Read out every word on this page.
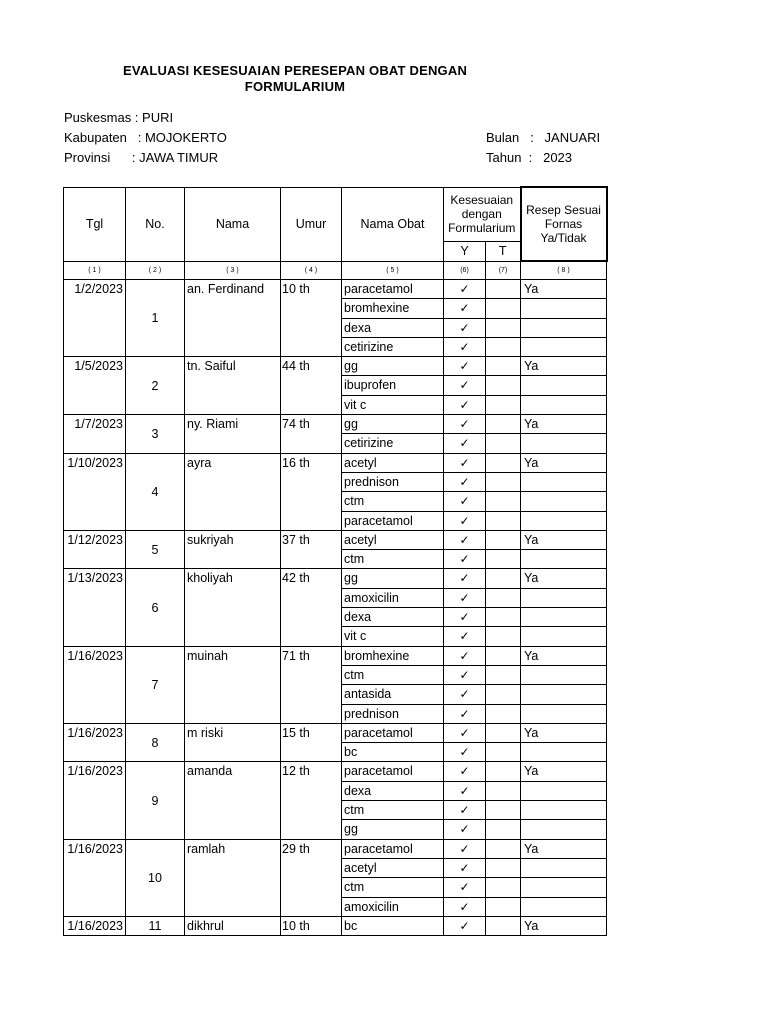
EVALUASI KESESUAIAN PERESEPAN OBAT DENGAN
FORMULARIUM
Puskesmas : PURI
Kabupaten   : MOJOKERTO
Provinsi      : JAWA TIMUR
Bulan   :   JANUARI
Tahun  :   2023
Tgl	No.	Nama	Umur	Nama Obat	Kesesuaian dengan Formularium		Resep Sesuai Fornas Ya/Tidak
					Y	T	
( 1 )	( 2 )	( 3 )	( 4 )	( 5 )	(6)	(7)	( 8 )
1/2/2023	1	an. Ferdinand	10 th	paracetamol	✓		Ya
				bromhexine	✓		
				dexa	✓		
				cetirizine	✓		
1/5/2023	2	tn. Saiful	44 th	gg	✓		Ya
				ibuprofen	✓		
				vit c	✓		
1/7/2023	3	ny. Riami	74 th	gg	✓		Ya
				cetirizine	✓		
1/10/2023	4	ayra	16 th	acetyl	✓		Ya
				prednison	✓		
				ctm	✓		
				paracetamol	✓		
1/12/2023	5	sukriyah	37 th	acetyl	✓		Ya
				ctm	✓		
1/13/2023	6	kholiyah	42 th	gg	✓		Ya
				amoxicilin	✓		
				dexa	✓		
				vit c	✓		
1/16/2023	7	muinah	71 th	bromhexine	✓		Ya
				ctm	✓		
				antasida	✓		
				prednison	✓		
1/16/2023	8	m riski	15 th	paracetamol	✓		Ya
				bc	✓		
1/16/2023	9	amanda	12 th	paracetamol	✓		Ya
				dexa	✓		
				ctm	✓		
				gg	✓		
1/16/2023	10	ramlah	29 th	paracetamol	✓		Ya
				acetyl	✓		
				ctm	✓		
				amoxicilin	✓		
1/16/2023	11	dikhrul	10 th	bc	✓		Ya
